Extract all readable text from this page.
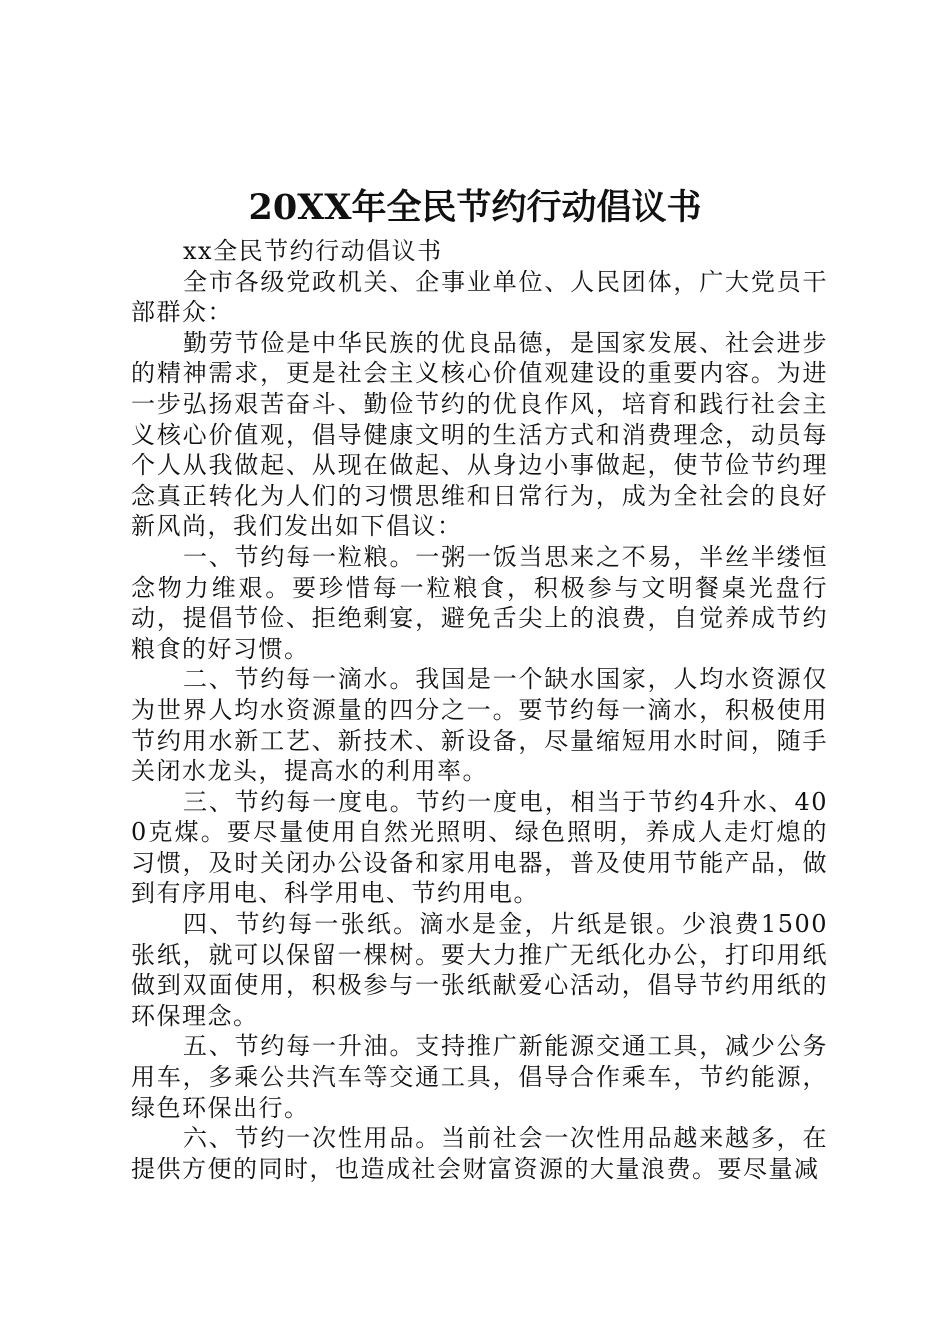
20XX年全民节约行动倡议书

xx全民节约行动倡议书

全市各级党政机关、企事业单位、人民团体，广大党员干部群众：

勤劳节俭是中华民族的优良品德，是国家发展、社会进步的精神需求，更是社会主义核心价值观建设的重要内容。为进一步弘扬艰苦奋斗、勤俭节约的优良作风，培育和践行社会主义核心价值观，倡导健康文明的生活方式和消费理念，动员每个人从我做起、从现在做起、从身边小事做起，使节俭节约理念真正转化为人们的习惯思维和日常行为，成为全社会的良好新风尚，我们发出如下倡议：

一、节约每一粒粮。一粥一饭当思来之不易，半丝半缕恒念物力维艰。要珍惜每一粒粮食，积极参与文明餐桌光盘行动，提倡节俭、拒绝剩宴，避免舌尖上的浪费，自觉养成节约粮食的好习惯。

二、节约每一滴水。我国是一个缺水国家，人均水资源仅为世界人均水资源量的四分之一。要节约每一滴水，积极使用节约用水新工艺、新技术、新设备，尽量缩短用水时间，随手关闭水龙头，提高水的利用率。

三、节约每一度电。节约一度电，相当于节约4升水、400克煤。要尽量使用自然光照明、绿色照明，养成人走灯熄的习惯，及时关闭办公设备和家用电器，普及使用节能产品，做到有序用电、科学用电、节约用电。

四、节约每一张纸。滴水是金，片纸是银。少浪费1500张纸，就可以保留一棵树。要大力推广无纸化办公，打印用纸做到双面使用，积极参与一张纸献爱心活动，倡导节约用纸的环保理念。

五、节约每一升油。支持推广新能源交通工具，减少公务用车，多乘公共汽车等交通工具，倡导合作乘车，节约能源，绿色环保出行。

六、节约一次性用品。当前社会一次性用品越来越多，在提供方便的同时，也造成社会财富资源的大量浪费。要尽量减
